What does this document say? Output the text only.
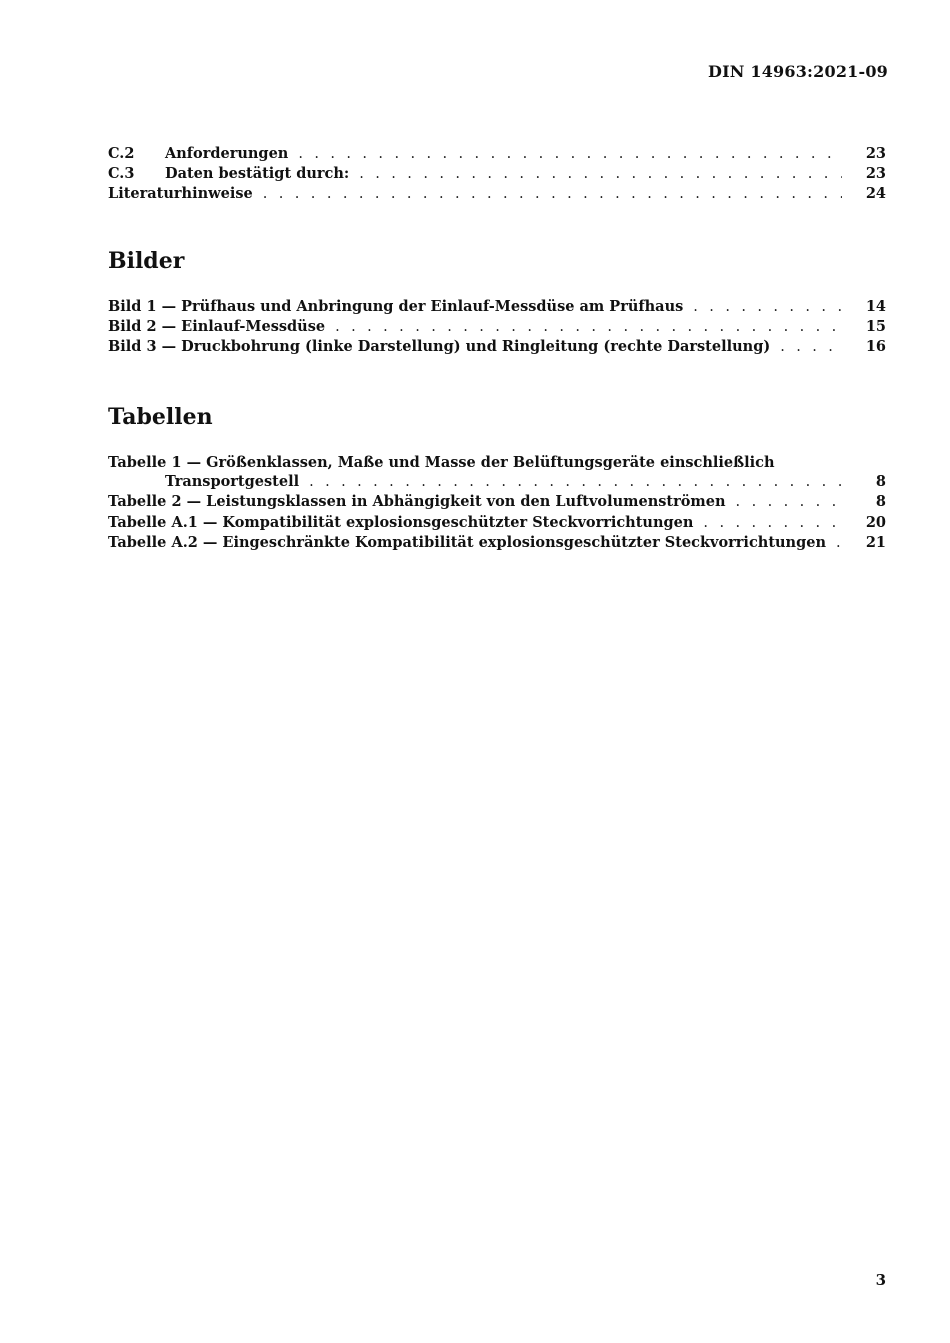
DIN 14963:2021-09
C.2	Anforderungen . . .	23
C.3	Daten bestätigt durch: . . .	23
Literaturhinweise . . .	24
Bilder
Bild 1 — Prüfhaus und Anbringung der Einlauf-Messdüse am Prüfhaus . . .	14
Bild 2 — Einlauf-Messdüse . . .	15
Bild 3 — Druckbohrung (linke Darstellung) und Ringleitung (rechte Darstellung) . . .	16
Tabellen
Tabelle 1 — Größenklassen, Maße und Masse der Belüftungsgeräte einschließlich
Transportgestell . . .	8
Tabelle 2 — Leistungsklassen in Abhängigkeit von den Luftvolumenströmen . . .	8
Tabelle A.1 — Kompatibilität explosionsgeschützter Steckvorrichtungen . . .	20
Tabelle A.2 — Eingeschränkte Kompatibilität explosionsgeschützter Steckvorrichtungen . . .	21
3
